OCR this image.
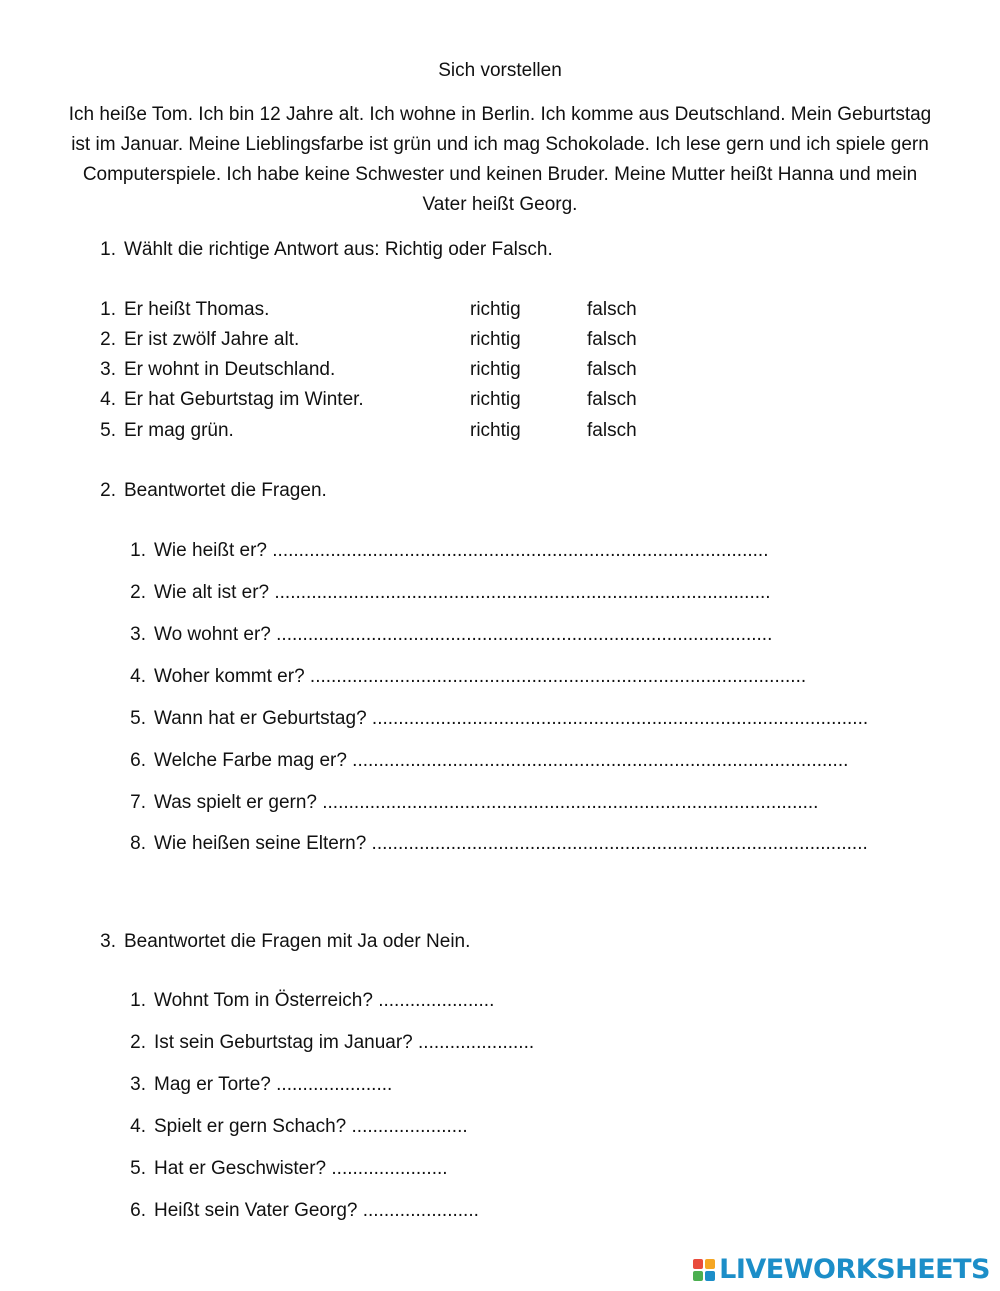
Sich vorstellen
Ich heiße Tom. Ich bin 12 Jahre alt. Ich wohne in Berlin. Ich komme aus Deutschland. Mein Geburtstag ist im Januar. Meine Lieblingsfarbe ist grün und ich mag Schokolade. Ich lese gern und ich spiele gern Computerspiele. Ich habe keine Schwester und keinen Bruder. Meine Mutter heißt Hanna und mein Vater heißt Georg.
1. Wählt die richtige Antwort aus: Richtig oder Falsch.
1. Er heißt Thomas.	richtig	falsch
2. Er ist zwölf Jahre alt.	richtig	falsch
3. Er wohnt in Deutschland.	richtig	falsch
4. Er hat Geburtstag im Winter.	richtig	falsch
5. Er mag grün.	richtig	falsch
2. Beantwortet die Fragen.
1. Wie heißt er? ..............................................................................................
2. Wie alt ist er? ..............................................................................................
3. Wo wohnt er? ..............................................................................................
4. Woher kommt er? ..............................................................................................
5. Wann hat er Geburtstag? ..............................................................................................
6. Welche Farbe mag er? ..............................................................................................
7. Was spielt er gern? ..............................................................................................
8. Wie heißen seine Eltern? ..............................................................................................
3. Beantwortet die Fragen mit Ja oder Nein.
1. Wohnt Tom in Österreich? ......................
2. Ist sein Geburtstag im Januar? ......................
3. Mag er Torte? ......................
4. Spielt er gern Schach? ......................
5. Hat er Geschwister? ......................
6. Heißt sein Vater Georg? ......................
LIVEWORKSHEETS
